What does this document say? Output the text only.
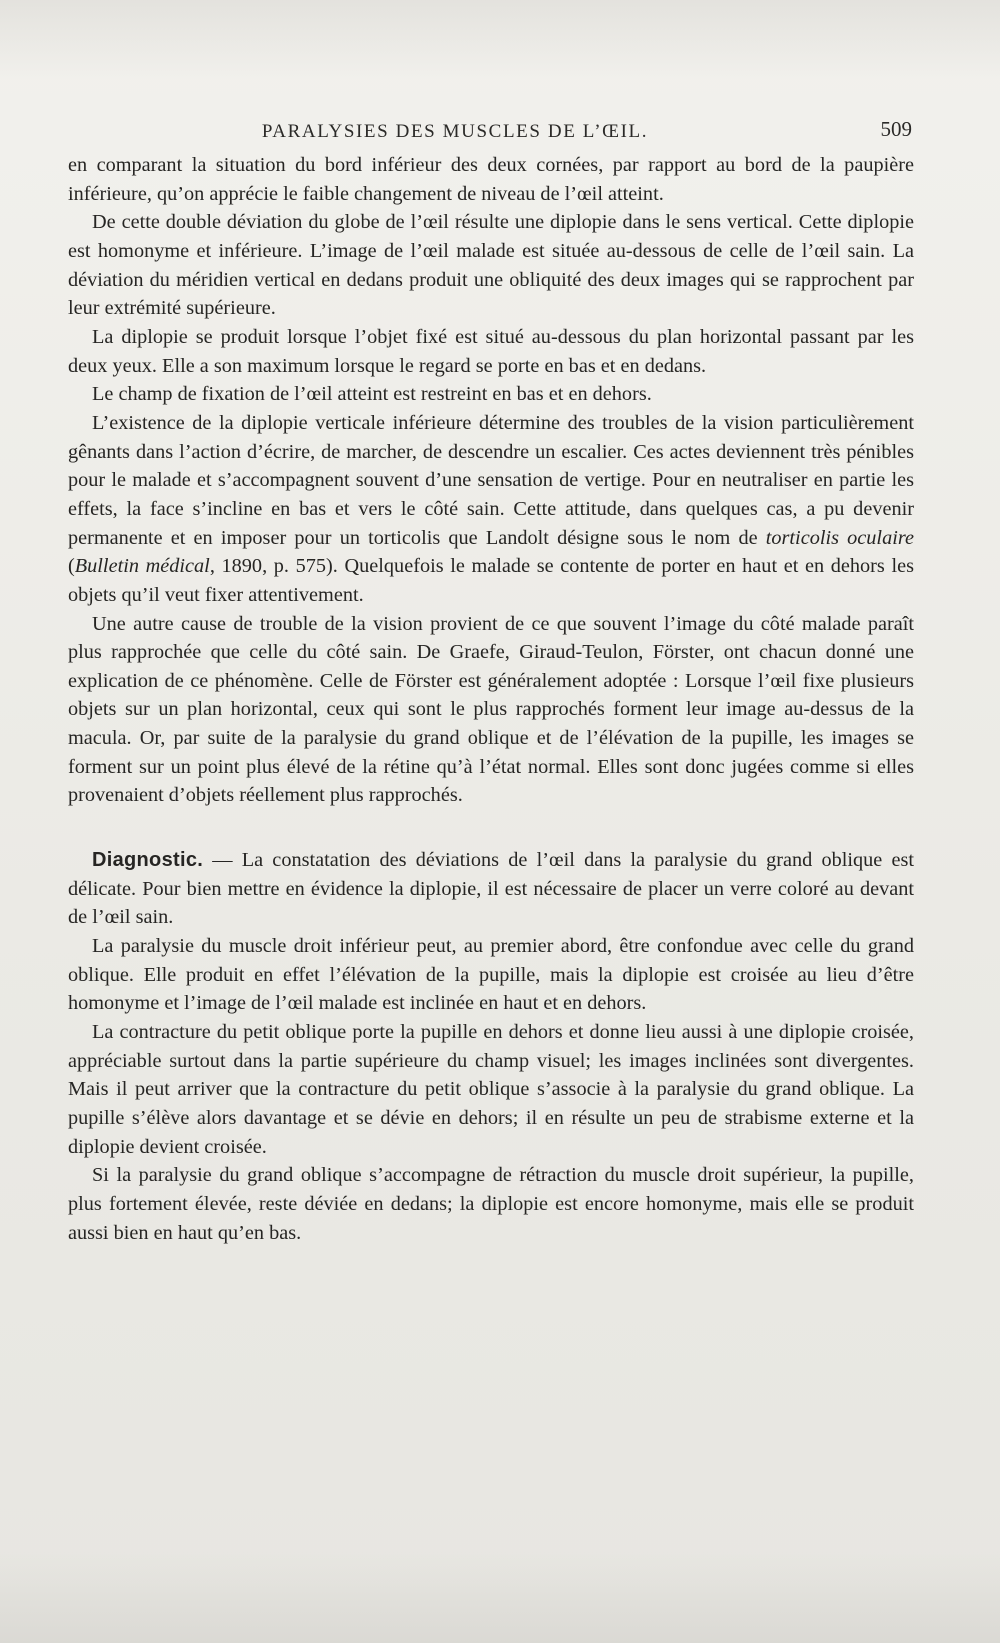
PARALYSIES DES MUSCLES DE L’ŒIL.	509

en comparant la situation du bord inférieur des deux cornées, par rapport au bord de la paupière inférieure, qu’on apprécie le faible changement de niveau de l’œil atteint.

De cette double déviation du globe de l’œil résulte une diplopie dans le sens vertical. Cette diplopie est homonyme et inférieure. L’image de l’œil malade est située au-dessous de celle de l’œil sain. La déviation du méridien vertical en dedans produit une obliquité des deux images qui se rapprochent par leur extrémité supérieure.

La diplopie se produit lorsque l’objet fixé est situé au-dessous du plan horizontal passant par les deux yeux. Elle a son maximum lorsque le regard se porte en bas et en dedans.

Le champ de fixation de l’œil atteint est restreint en bas et en dehors.

L’existence de la diplopie verticale inférieure détermine des troubles de la vision particulièrement gênants dans l’action d’écrire, de marcher, de descendre un escalier. Ces actes deviennent très pénibles pour le malade et s’accompagnent souvent d’une sensation de vertige. Pour en neutraliser en partie les effets, la face s’incline en bas et vers le côté sain. Cette attitude, dans quelques cas, a pu devenir permanente et en imposer pour un torticolis que Landolt désigne sous le nom de torticolis oculaire (Bulletin médical, 1890, p. 575). Quelquefois le malade se contente de porter en haut et en dehors les objets qu’il veut fixer attentivement.

Une autre cause de trouble de la vision provient de ce que souvent l’image du côté malade paraît plus rapprochée que celle du côté sain. De Graefe, Giraud-Teulon, Förster, ont chacun donné une explication de ce phénomène. Celle de Förster est généralement adoptée : Lorsque l’œil fixe plusieurs objets sur un plan horizontal, ceux qui sont le plus rapprochés forment leur image au-dessus de la macula. Or, par suite de la paralysie du grand oblique et de l’élévation de la pupille, les images se forment sur un point plus élevé de la rétine qu’à l’état normal. Elles sont donc jugées comme si elles provenaient d’objets réellement plus rapprochés.

Diagnostic. — La constatation des déviations de l’œil dans la paralysie du grand oblique est délicate. Pour bien mettre en évidence la diplopie, il est nécessaire de placer un verre coloré au devant de l’œil sain.

La paralysie du muscle droit inférieur peut, au premier abord, être confondue avec celle du grand oblique. Elle produit en effet l’élévation de la pupille, mais la diplopie est croisée au lieu d’être homonyme et l’image de l’œil malade est inclinée en haut et en dehors.

La contracture du petit oblique porte la pupille en dehors et donne lieu aussi à une diplopie croisée, appréciable surtout dans la partie supérieure du champ visuel; les images inclinées sont divergentes. Mais il peut arriver que la contracture du petit oblique s’associe à la paralysie du grand oblique. La pupille s’élève alors davantage et se dévie en dehors; il en résulte un peu de strabisme externe et la diplopie devient croisée.

Si la paralysie du grand oblique s’accompagne de rétraction du muscle droit supérieur, la pupille, plus fortement élevée, reste déviée en dedans; la diplopie est encore homonyme, mais elle se produit aussi bien en haut qu’en bas.
